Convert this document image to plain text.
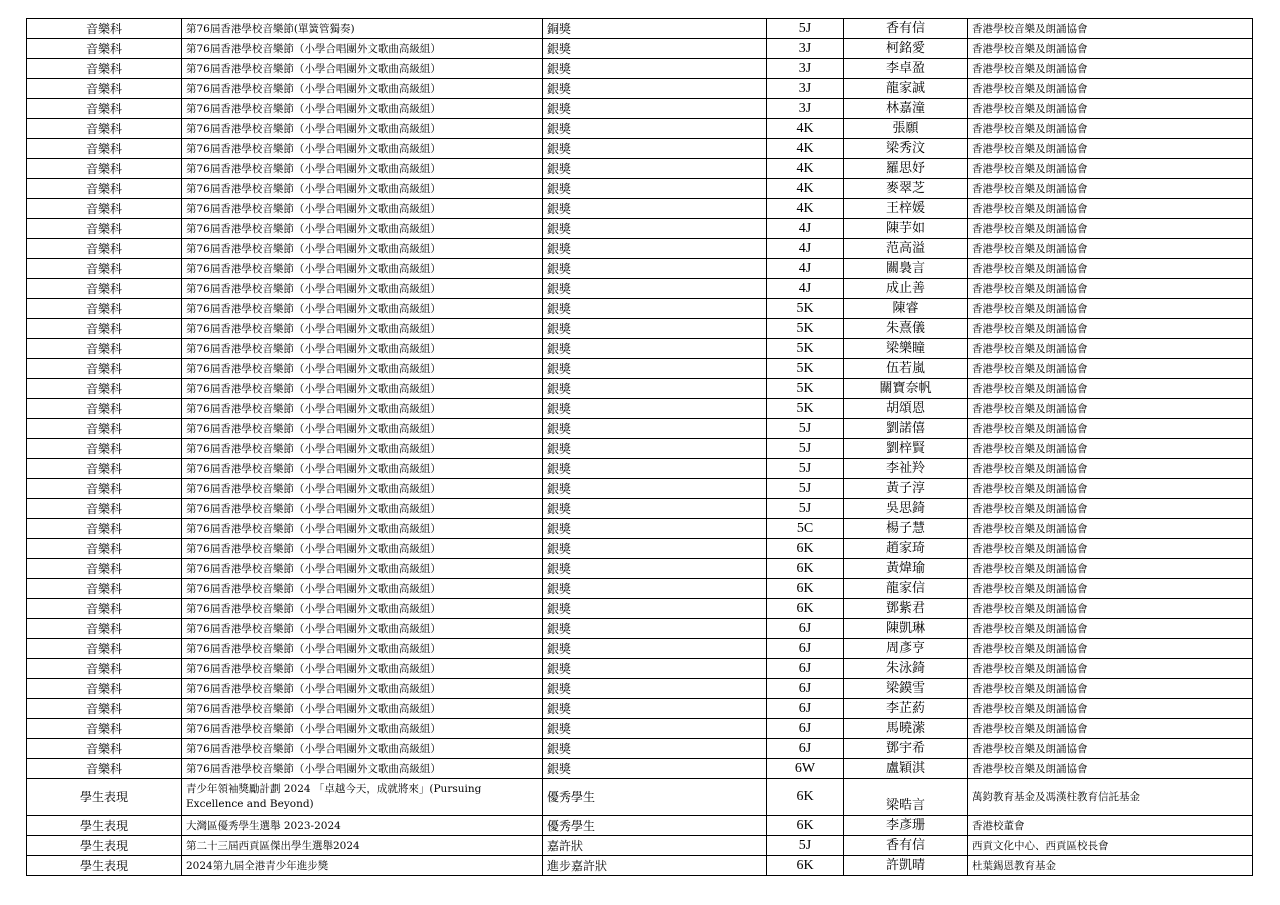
音樂科	第76屆香港學校音樂節(單簧管獨奏)	銅獎	5J	香有信	香港學校音樂及朗誦協會
音樂科	第76屆香港學校音樂節（小學合唱團外文歌曲高級組）	銀獎	3J	柯銘愛	香港學校音樂及朗誦協會
音樂科	第76屆香港學校音樂節（小學合唱團外文歌曲高級組）	銀獎	3J	李卓盈	香港學校音樂及朗誦協會
音樂科	第76屆香港學校音樂節（小學合唱團外文歌曲高級組）	銀獎	3J	龍家誠	香港學校音樂及朗誦協會
音樂科	第76屆香港學校音樂節（小學合唱團外文歌曲高級組）	銀獎	3J	林嘉潼	香港學校音樂及朗誦協會
音樂科	第76屆香港學校音樂節（小學合唱團外文歌曲高級組）	銀獎	4K	張願	香港學校音樂及朗誦協會
音樂科	第76屆香港學校音樂節（小學合唱團外文歌曲高級組）	銀獎	4K	梁秀汶	香港學校音樂及朗誦協會
音樂科	第76屆香港學校音樂節（小學合唱團外文歌曲高級組）	銀獎	4K	羅思妤	香港學校音樂及朗誦協會
音樂科	第76屆香港學校音樂節（小學合唱團外文歌曲高級組）	銀獎	4K	麥翠芝	香港學校音樂及朗誦協會
音樂科	第76屆香港學校音樂節（小學合唱團外文歌曲高級組）	銀獎	4K	王梓媛	香港學校音樂及朗誦協會
音樂科	第76屆香港學校音樂節（小學合唱團外文歌曲高級組）	銀獎	4J	陳芋如	香港學校音樂及朗誦協會
音樂科	第76屆香港學校音樂節（小學合唱團外文歌曲高級組）	銀獎	4J	范高溢	香港學校音樂及朗誦協會
音樂科	第76屆香港學校音樂節（小學合唱團外文歌曲高級組）	銀獎	4J	關裊言	香港學校音樂及朗誦協會
音樂科	第76屆香港學校音樂節（小學合唱團外文歌曲高級組）	銀獎	4J	成止善	香港學校音樂及朗誦協會
音樂科	第76屆香港學校音樂節（小學合唱團外文歌曲高級組）	銀獎	5K	陳睿	香港學校音樂及朗誦協會
音樂科	第76屆香港學校音樂節（小學合唱團外文歌曲高級組）	銀獎	5K	朱熹儀	香港學校音樂及朗誦協會
音樂科	第76屆香港學校音樂節（小學合唱團外文歌曲高級組）	銀獎	5K	梁樂瞳	香港學校音樂及朗誦協會
音樂科	第76屆香港學校音樂節（小學合唱團外文歌曲高級組）	銀獎	5K	伍若嵐	香港學校音樂及朗誦協會
音樂科	第76屆香港學校音樂節（小學合唱團外文歌曲高級組）	銀獎	5K	關寶奈帆	香港學校音樂及朗誦協會
音樂科	第76屆香港學校音樂節（小學合唱團外文歌曲高級組）	銀獎	5K	胡頌恩	香港學校音樂及朗誦協會
音樂科	第76屆香港學校音樂節（小學合唱團外文歌曲高級組）	銀獎	5J	劉諾僖	香港學校音樂及朗誦協會
音樂科	第76屆香港學校音樂節（小學合唱團外文歌曲高級組）	銀獎	5J	劉梓賢	香港學校音樂及朗誦協會
音樂科	第76屆香港學校音樂節（小學合唱團外文歌曲高級組）	銀獎	5J	李祉羚	香港學校音樂及朗誦協會
音樂科	第76屆香港學校音樂節（小學合唱團外文歌曲高級組）	銀獎	5J	黃子淳	香港學校音樂及朗誦協會
音樂科	第76屆香港學校音樂節（小學合唱團外文歌曲高級組）	銀獎	5J	吳思錡	香港學校音樂及朗誦協會
音樂科	第76屆香港學校音樂節（小學合唱團外文歌曲高級組）	銀獎	5C	楊子慧	香港學校音樂及朗誦協會
音樂科	第76屆香港學校音樂節（小學合唱團外文歌曲高級組）	銀獎	6K	趙家琦	香港學校音樂及朗誦協會
音樂科	第76屆香港學校音樂節（小學合唱團外文歌曲高級組）	銀獎	6K	黃煒瑜	香港學校音樂及朗誦協會
音樂科	第76屆香港學校音樂節（小學合唱團外文歌曲高級組）	銀獎	6K	龍家信	香港學校音樂及朗誦協會
音樂科	第76屆香港學校音樂節（小學合唱團外文歌曲高級組）	銀獎	6K	鄧紫君	香港學校音樂及朗誦協會
音樂科	第76屆香港學校音樂節（小學合唱團外文歌曲高級組）	銀獎	6J	陳凱琳	香港學校音樂及朗誦協會
音樂科	第76屆香港學校音樂節（小學合唱團外文歌曲高級組）	銀獎	6J	周彥亨	香港學校音樂及朗誦協會
音樂科	第76屆香港學校音樂節（小學合唱團外文歌曲高級組）	銀獎	6J	朱泳錡	香港學校音樂及朗誦協會
音樂科	第76屆香港學校音樂節（小學合唱團外文歌曲高級組）	銀獎	6J	梁鏌雪	香港學校音樂及朗誦協會
音樂科	第76屆香港學校音樂節（小學合唱團外文歌曲高級組）	銀獎	6J	李芷葯	香港學校音樂及朗誦協會
音樂科	第76屆香港學校音樂節（小學合唱團外文歌曲高級組）	銀獎	6J	馬曉潆	香港學校音樂及朗誦協會
音樂科	第76屆香港學校音樂節（小學合唱團外文歌曲高級組）	銀獎	6J	鄧宇希	香港學校音樂及朗誦協會
音樂科	第76屆香港學校音樂節（小學合唱團外文歌曲高級組）	銀獎	6W	盧穎淇	香港學校音樂及朗誦協會
學生表現	青少年領袖獎勵計劃 2024 「卓越今天，成就將來」(Pursuing Excellence and Beyond)	優秀學生	6K	梁晧言	萬鈞教育基金及馮漢柱教育信託基金
學生表現	大灣區優秀學生選舉 2023-2024	優秀學生	6K	李彥珊	香港校董會
學生表現	第二十三屆西貢區傑出學生選舉2024	嘉許狀	5J	香有信	西貢文化中心、西貢區校長會
學生表現	2024第九屆全港青少年進步獎	進步嘉許狀	6K	許凱晴	杜葉錫恩教育基金
